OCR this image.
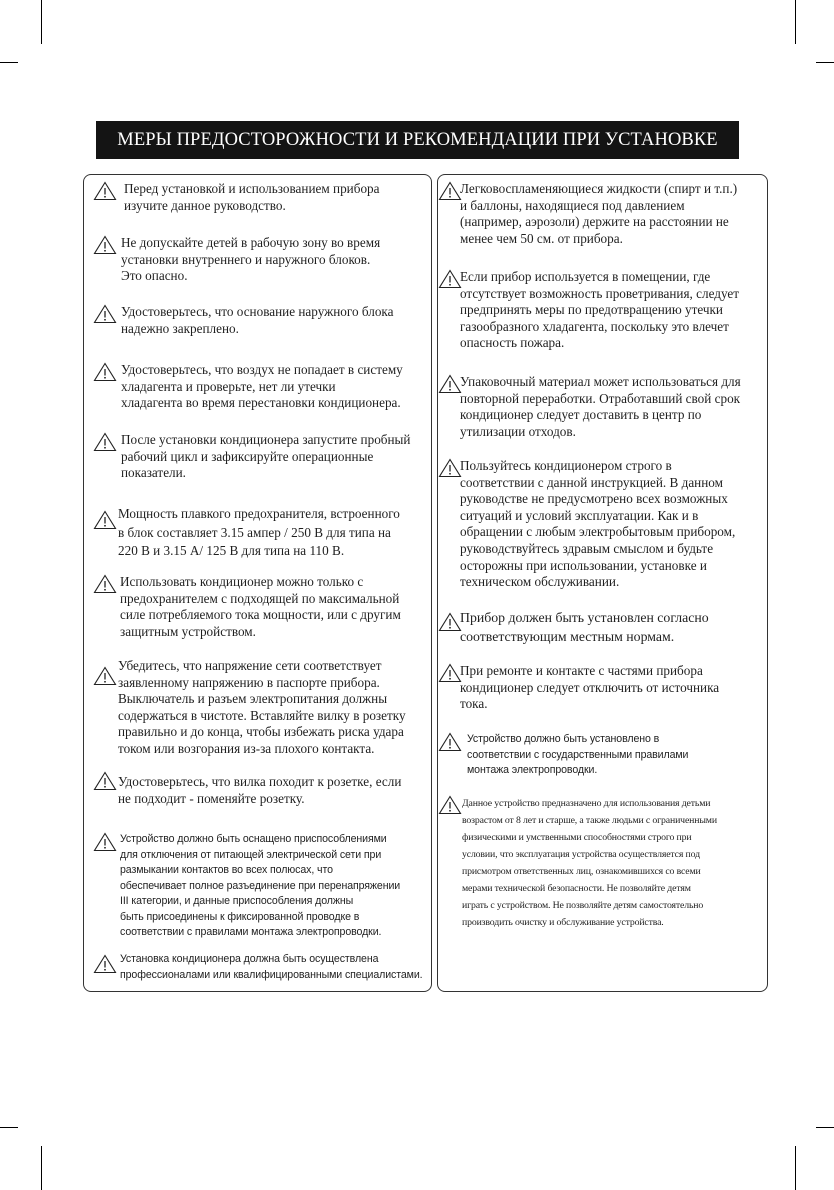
МЕРЫ ПРЕДОСТОРОЖНОСТИ И РЕКОМЕНДАЦИИ ПРИ УСТАНОВКЕ

Перед установкой и использованием прибора
изучите данное руководство.

Не допускайте детей в рабочую зону во время
установки внутреннего и наружного блоков.
Это опасно.

Удостоверьтесь, что основание наружного блока
надежно закреплено.

Удостоверьтесь, что воздух не попадает в систему
хладагента и проверьте, нет ли утечки
хладагента во время перестановки кондиционера.

После установки кондиционера запустите пробный
рабочий цикл и зафиксируйте операционные
показатели.

Мощность плавкого предохранителя, встроенного
в блок составляет 3.15 ампер / 250 В для типа на
220 В и 3.15 А/ 125 В для типа на 110 В.

Использовать кондиционер можно только с
предохранителем с подходящей по максимальной
силе потребляемого тока мощности, или с другим
защитным устройством.

Убедитесь, что напряжение сети соответствует
заявленному напряжению в паспорте прибора.
Выключатель и разъем электропитания должны
содержаться в чистоте. Вставляйте вилку в розетку
правильно и до конца, чтобы избежать риска удара
током или возгорания из-за плохого контакта.

Удостоверьтесь, что вилка походит к розетке, если
не подходит - поменяйте розетку.

Устройство должно быть оснащено приспособлениями
для отключения от питающей электрической сети при
размыкании контактов во всех полюсах, что
обеспечивает полное разъединение при перенапряжении
III категории, и данные приспособления должны
быть присоединены к фиксированной проводке в
соответствии с правилами монтажа электропроводки.

Установка кондиционера должна быть осуществлена
профессионалами или квалифицированными специалистами.

Легковоспламеняющиеся жидкости (спирт и т.п.)
и баллоны, находящиеся под давлением
(например, аэрозоли) держите на расстоянии не
менее чем 50 см. от прибора.

Если прибор используется в помещении, где
отсутствует возможность проветривания, следует
предпринять меры по предотвращению утечки
газообразного хладагента, поскольку это влечет
опасность пожара.

Упаковочный материал может использоваться для
повторной переработки. Отработавший свой срок
кондиционер следует доставить в центр по
утилизации отходов.

Пользуйтесь кондиционером строго в
соответствии с данной инструкцией. В данном
руководстве не предусмотрено всех возможных
ситуаций и условий эксплуатации. Как и в
обращении с любым электробытовым прибором,
руководствуйтесь здравым смыслом и будьте
осторожны при использовании, установке и
техническом обслуживании.

Прибор должен быть установлен согласно
соответствующим местным нормам.

При ремонте и контакте с частями прибора
кондиционер следует отключить от источника
тока.

Устройство должно быть установлено в
соответствии с государственными правилами
монтажа электропроводки.

Данное устройство предназначено для использования детьми
возрастом от 8 лет и старше, а также людьми с ограниченными
физическими и умственными способностями строго при
условии, что эксплуатация устройства осуществляется под
присмотром ответственных лиц, ознакомившихся со всеми
мерами технической безопасности. Не позволяйте детям
играть с устройством. Не позволяйте детям самостоятельно
производить очистку и обслуживание устройства.
